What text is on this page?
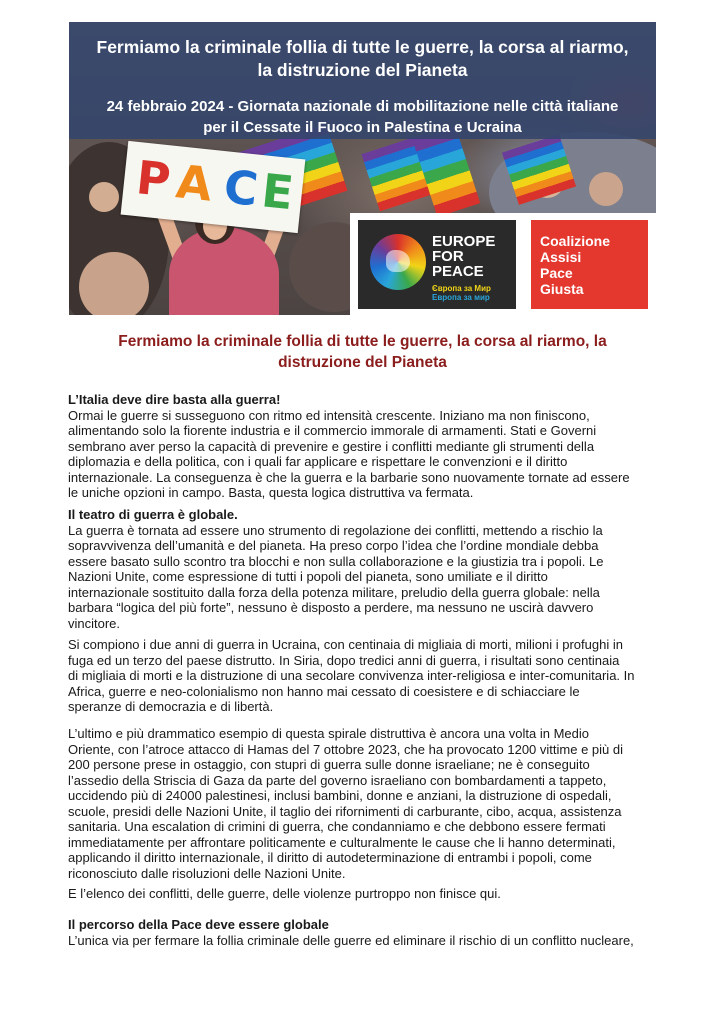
P A C
E
Fermiamo la criminale follia di tutte le guerre, la corsa al riarmo,
la distruzione del Pianeta
24 febbraio 2024 - Giornata nazionale di mobilitazione nelle città italiane
per il Cessate il Fuoco in Palestina e Ucraina
EUROPE
FOR
PEACE
Європа за Мир
Европа за мир
Coalizione
Assisi
Pace
Giusta
Fermiamo la criminale follia di tutte le guerre, la corsa al riarmo, la
distruzione del Pianeta
L’Italia deve dire basta alla guerra!
Ormai le guerre si susseguono con ritmo ed intensità crescente. Iniziano ma non finiscono,
alimentando solo la fiorente industria e il commercio immorale di armamenti. Stati e Governi
sembrano aver perso la capacità di prevenire e gestire i conflitti mediante gli strumenti della
diplomazia e della politica, con i quali far applicare e rispettare le convenzioni e il diritto
internazionale. La conseguenza è che la guerra e la barbarie sono nuovamente tornate ad essere
le uniche opzioni in campo. Basta, questa logica distruttiva va fermata.
Il teatro di guerra è globale.
La guerra è tornata ad essere uno strumento di regolazione dei conflitti, mettendo a rischio la
sopravvivenza dell’umanità e del pianeta. Ha preso corpo l’idea che l’ordine mondiale debba
essere basato sullo scontro tra blocchi e non sulla collaborazione e la giustizia tra i popoli. Le
Nazioni Unite, come espressione di tutti i popoli del pianeta, sono umiliate e il diritto
internazionale sostituito dalla forza della potenza militare, preludio della guerra globale: nella
barbara “logica del più forte”, nessuno è disposto a perdere, ma nessuno ne uscirà davvero
vincitore.
Si compiono i due anni di guerra in Ucraina, con centinaia di migliaia di morti, milioni i profughi in
fuga ed un terzo del paese distrutto. In Siria, dopo tredici anni di guerra, i risultati sono centinaia
di migliaia di morti e la distruzione di una secolare convivenza inter-religiosa e inter-comunitaria. In
Africa, guerre e neo-colonialismo non hanno mai cessato di coesistere e di schiacciare le
speranze di democrazia e di libertà.
L’ultimo e più drammatico esempio di questa spirale distruttiva è ancora una volta in Medio
Oriente, con l’atroce attacco di Hamas del 7 ottobre 2023, che ha provocato 1200 vittime e più di
200 persone prese in ostaggio, con stupri di guerra sulle donne israeliane; ne è conseguito
l’assedio della Striscia di Gaza da parte del governo israeliano con bombardamenti a tappeto,
uccidendo più di 24000 palestinesi, inclusi bambini, donne e anziani, la distruzione di ospedali,
scuole, presidi delle Nazioni Unite, il taglio dei rifornimenti di carburante, cibo, acqua, assistenza
sanitaria. Una escalation di crimini di guerra, che condanniamo e che debbono essere fermati
immediatamente per affrontare politicamente e culturalmente le cause che li hanno determinati,
applicando il diritto internazionale, il diritto di autodeterminazione di entrambi i popoli, come
riconosciuto dalle risoluzioni delle Nazioni Unite.
E l’elenco dei conflitti, delle guerre, delle violenze purtroppo non finisce qui.
Il percorso della Pace deve essere globale
L’unica via per fermare la follia criminale delle guerre ed eliminare il rischio di un conflitto nucleare,
